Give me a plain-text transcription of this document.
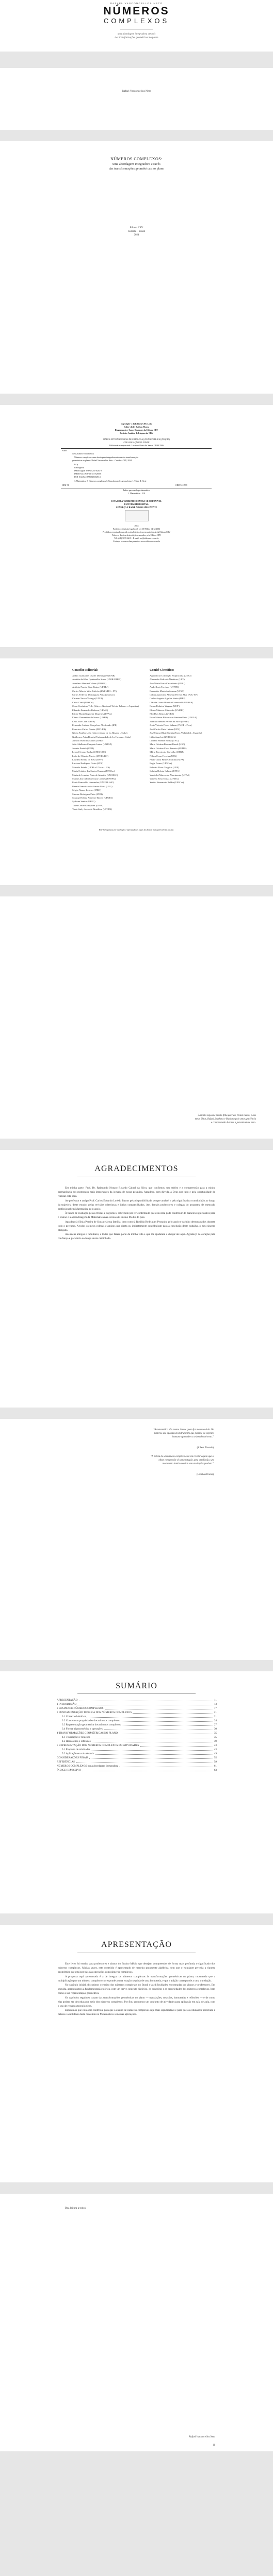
RAFAEL VASCONCELLOS NETO
NÚMEROS
COMPLEXOS
uma abordagem integradora através
das transformações geométricas no plano
Rafael Vasconcellos Neto
NÚMEROS COMPLEXOS:
uma abordagem integradora através
das transformações geométricas no plano
Editora CRV
Curitiba – Brasil
2024
Copyright © da Editora CRV Ltda.
Editor-chefe: Railson Moura
Diagramação e Capa: Designers da Editora CRV
Revisão: Analista de Línguas da CRV
DADOS INTERNACIONAIS DE CATALOGAÇÃO NA PUBLICAÇÃO (CIP)
CATALOGAÇÃO NA FONTE
Bibliotecária responsável: Luzenira Alves dos Santos CRB9/1506
N469
Neto, Rafael Vasconcellos
Números complexos: uma abordagem integradora através das transformações
geométricas no plano / Rafael Vasconcellos Neto – Curitiba: CRV, 2024.
64 p.
Bibliografia
ISBN Digital 978-65-251-6284-3
ISBN Físico 978-65-251-6283-6
DOI 10.24824/978652516283.6
1. Matemática 2. Números complexos 3. Transformações geométricas I. Título II. Série
CDU 51	CDD 512.788
Índice para catálogo sistemático
1. Matemática – 510
ESTA OBRA TAMBÉM ENCONTRA-SE DISPONÍVEL
EM FORMATO DIGITAL.
CONHEÇA E BAIXE NOSSO APLICATIVO!
2024
Foi feito o depósito legal conf. Lei 10.994 de 14/12/2004
Proibida a reprodução parcial ou total desta obra sem autorização da Editora CRV
Todos os direitos desta edição reservados pela Editora CRV
Tel.: (41) 3039-6418 - E-mail: sac@editoracrv.com.br
Conheça os nossos lançamentos: www.editoracrv.com.br
Conselho Editorial:	Comitê Científico:
Aldira Guimarães Duarte Domínguez (UNB)
Andréia da Silva Quintanilha Sousa (UNIR/UFRN)
Anselmo Alencar Colares (UFOPA)
Antônio Pereira Gaio Júnior (UFRRJ)
Carlos Alberto Vilar Estêvão (UMINHO – PT)
Carlos Federico Dominguez Avila (Unieuro)
Carmen Tereza Velanga (UNIR)
Celso Conti (UFSCar)
Cesar Gerónimo Tello (Univer. Nacional Três de Febrero – Argentina)
Eduardo Fernandes Barbosa (UFMG)
Elione Maria Nogueira Diogenes (UFAL)
Elizeu Clementino de Souza (UNEB)
Élsio José Corá (UFFS)
Fernando Antônio Gonçalves Alcoforado (IPB)
Francisco Carlos Duarte (PUC-PR)
Gloria Fariñas León (Universidade de La Havana – Cuba)
Guillermo Arias Beatón (Universidade de La Havana – Cuba)
Jailson Alves dos Santos (UFRJ)
João Adalberto Campato Junior (UNESP)
Josania Portela (UFPI)
Leonel Severo Rocha (UNISINOS)
Lídia de Oliveira Xavier (UNIEURO)
Lourdes Helena da Silva (UFV)
Luciano Rodrigues Costa (UFV)
Marcelo Paixão (UFRJ e UTexas – US)
Maria Cristina dos Santos Bezerra (UFSCar)
Maria de Lourdes Pinto de Almeida (UNOESC)
Maria Lília Imbiriba Sousa Colares (UFOPA)
Paulo Romualdo Hernandes (UNIFAL-MG)
Renato Francisco dos Santos Paula (UFG)
Sérgio Nunes de Jesus (IFRO)
Simone Rodrigues Pinto (UNB)
Solange Helena Ximenes-Rocha (UFOPA)
Sydione Santos (UEPG)
Tadeu Oliver Gonçalves (UFPA)
Tania Suely Azevedo Brasileiro (UFOPA)
Agnaldo da Conceição Esquincalha (UERJ)
Alexandre Pedro de Medeiros (UFF)
Ana Maria Porto Castanheira (UFRJ)
André Luis Trevisan (UTFPR)
Bernadete Maria Andreazza (UFSC)
Celina Aparecida Almeida Pereira Abar (PUC-SP)
Carlos Augusto Aguilar Júnior (IFRJ)
Cláudia Lisete Oliveira Groenwald (ULBRA)
Edson Pinheiro Wagner (UFJF)
Eliane Matesco Cristovão (UNIFEI)
Eloi Dias Bastos (UCPel)
Ibsen Mateus Bittencourt Santana Pinto (UNILA)
Janaína Mendes Pereira da Silva (UFPR)
Jesús Victoria Flores Salazar (PUCP – Peru)
José Carlos Pinto Leivas (UFN)
José Manuel Ruiz Calleja (Univ. Valladolid – Espanha)
Lidia Angeleri (UNICSUL)
Luciana Parente Rocha (UFG)
Maria Cristina Bonomi Barufi (USP)
Maria Cristina Costa Ferreira (UFMG)
Mário Ferreira de Carvalho (UERJ)
Nilton Cezar Ferreira (UFG)
Paulo Cezar Pinto Carvalho (IMPA)
Régis Forner (UFSCar)
Roberto Alves Gregório (UFF)
Sabrina Bobsin Salazar (UFPel)
Vanderlei Marcos do Nascimento (UFPel)
Vanessa Sena Tomaz (UFMG)
Yuriko Yamamoto Baldin (UFSCar)
Este livro passou por avaliação e aprovação às cegas de dois ou mais pareceristas ad hoc.
À minha esposa e minha filha querida, Heloá Lauro, e aos
meus filhos, Rafael, Matheus e Mariana pelo amor, paciência
e compreensão durante a jornada deste livro.
AGRADECIMENTOS

Em minha parte, Prof. Dr. Raimundo Nonato Ricardo Cabral da Silva, que confirmou um mérito e a compreensão para a minha permanência nos momentos mais importantes da jornada de nossa pesquisa. Agradeço, sem dúvida, a Deus por tudo e pela oportunidade de realizar esta obra.

Ao professor e amigo Prof. Carlos Eduardo Lorêdo Bastos pela disponibilidade sempre amável e pela significativa contribuição ao longo da trajetória deste estudo, pelas revisões criteriosas e ideias compartilhadas. Aos demais professores e colegas do programa de mestrado profissional em Matemática pelo apoio.

À banca de avaliação pelas críticas e sugestões, sobretudo por ter confirmado que esta obra pode contribuir de maneira significativa para o ensino e a aprendizagem da Matemática nas escolas de Ensino Médio do país.

Agradeço à Sônia Pereira de Souza e à sua família, bem como à Rosilda Rodrigues Pessanha pelo apoio e carinho demonstrados durante todo o percurso. A todos os meus colegas e amigos que direta ou indiretamente contribuíram para a conclusão deste trabalho, o meu sincero obrigado.

Aos meus amigos e familiares, a todos que fazem parte da minha vida e que me ajudaram a chegar até aqui. Agradeço de coração pela confiança e paciência ao longo desta caminhada.

"A matemática não mente. Mente quem faz mau uso dela. Os números são apenas um instrumento que permite ao espírito humano apreender a ordem do universo."
(Albert Einstein)
"A beleza de um número complexo está em revelar aquilo que o olhar comum não vê: uma rotação, uma ampliação, um movimento inteiro contido em um simples produto."
(Leonhard Euler)
SUMÁRIO
APRESENTAÇÃO	11
1 INTRODUÇÃO	13
2 ENSINO DE NÚMEROS COMPLEXOS	17
3 FUNDAMENTAÇÃO TEÓRICA DOS NÚMEROS COMPLEXOS	21
3.1 Contexto histórico	21
3.2 Conceitos e propriedades dos números complexos	24
3.3 Representação geométrica dos números complexos	27
3.4 Forma trigonométrica e operações	30
4 TRANSFORMAÇÕES GEOMÉTRICAS NO PLANO	35
4.1 Translações e rotações	35
4.2 Homotetias e reflexões	39
5 REPRESENTAÇÃO DOS NÚMEROS COMPLEXOS EM ATIVIDADES	43
5.1 Proposta de atividades	43
5.2 Aplicação em sala de aula	49
CONSIDERAÇÕES FINAIS	55
REFERÊNCIAS	59
NÚMEROS COMPLEXOS: uma abordagem integradora	61
ÍNDICE REMISSIVO	63
APRESENTAÇÃO

Este livro foi escrito para professores e alunos do Ensino Médio que desejam compreender de forma mais profunda o significado dos números complexos. Muitas vezes, este conteúdo é apresentado de maneira puramente algébrica, sem que o estudante perceba a riqueza geométrica que está por trás das operações com números complexos.

A proposta aqui apresentada é a de integrar os números complexos às transformações geométricas no plano, mostrando que a multiplicação por um número complexo corresponde a uma rotação seguida de uma homotetia, e que a adição corresponde a uma translação.

No capítulo inicial, discutimos o ensino dos números complexos no Brasil e as dificuldades encontradas por alunos e professores. Em seguida, apresentamos a fundamentação teórica, com um breve contexto histórico, os conceitos e as propriedades dos números complexos, bem como a sua representação geométrica.

Os capítulos seguintes tratam das transformações geométricas no plano — translações, rotações, homotetias e reflexões — e de como elas podem ser descritas por meio dos números complexos. Por fim, propomos um conjunto de atividades para aplicação em sala de aula, com o uso de recursos tecnológicos.

Esperamos que esta obra contribua para que o ensino de números complexos seja mais significativo e para que os estudantes percebam a beleza e a utilidade deste conteúdo na Matemática e em suas aplicações.

Boa leitura a todos!

Rafael Vasconcellos Neto
11
